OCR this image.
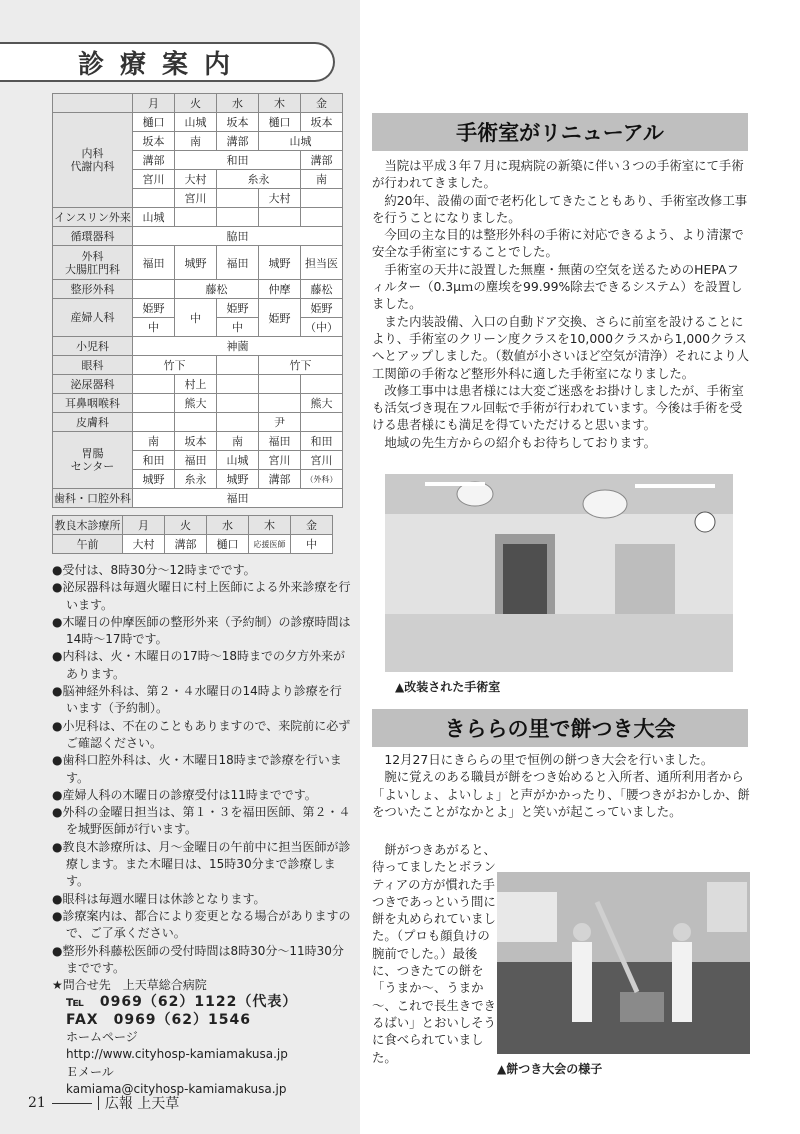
診療案内
	月	火	水	木	金

内科
代謝内科	樋口	山城	坂本	樋口	坂本
	坂本	南	溝部	山城	
	溝部	和田			溝部
	宮川	大村	糸永		南
		宮川		大村	
インスリン外来	山城				
循環器科	脇田				

外科
大腸肛門科	福田	城野	福田	城野	担当医
整形外科		藤松		仲摩	藤松
産婦人科	姫野	中	姫野	姫野	姫野
	中		中		（中）
小児科	神薗				
眼科	竹下			竹下	
泌尿器科		村上			
耳鼻咽喉科		熊大			熊大
皮膚科				尹	

胃腸
センター	南	坂本	南	福田	和田
	和田	福田	山城	宮川	宮川
	城野	糸永	城野	溝部	（外科）
歯科・口腔外科	福田				
教良木診療所	月	火	水	木	金
午前	大村	溝部	樋口	応援医師	中
●受付は、8時30分～12時までです。
●泌尿器科は毎週火曜日に村上医師による外来診療を行います。
●木曜日の仲摩医師の整形外来（予約制）の診療時間は14時～17時です。
●内科は、火・木曜日の17時～18時までの夕方外来があります。
●脳神経外科は、第２・４水曜日の14時より診療を行います（予約制）。
●小児科は、不在のこともありますので、来院前に必ずご確認ください。
●歯科口腔外科は、火・木曜日18時まで診療を行います。
●産婦人科の木曜日の診療受付は11時までです。
●外科の金曜日担当は、第１・３を福田医師、第２・４を城野医師が行います。
●教良木診療所は、月～金曜日の午前中に担当医師が診療します。また木曜日は、15時30分まで診療します。
●眼科は毎週水曜日は休診となります。
●診療案内は、都合により変更となる場合がありますので、ご了承ください。
●整形外科藤松医師の受付時間は8時30分～11時30分までです。
★問合せ先　上天草総合病院
℡　0969（62）1122（代表）
FAX　0969（62）1546
ホームページ
http://www.cityhosp-kamiamakusa.jp
Ｅメール
kamiama@cityhosp-kamiamakusa.jp
21	広報 上天草
手術室がリニューアル

当院は平成３年７月に現病院の新築に伴い３つの手術室にて手術が行われてきました。

約20年、設備の面で老朽化してきたこともあり、手術室改修工事を行うことになりました。

今回の主な目的は整形外科の手術に対応できるよう、より清潔で安全な手術室にすることでした。

手術室の天井に設置した無塵・無菌の空気を送るためのHEPAフィルター（0.3μｍの塵埃を99.99%除去できるシステム）を設置しました。

また内装設備、入口の自動ドア交換、さらに前室を設けることにより、手術室のクリーン度クラスを10,000クラスから1,000クラスへとアップしました。（数値が小さいほど空気が清浄）それにより人工関節の手術など整形外科に適した手術室になりました。

改修工事中は患者様には大変ご迷惑をお掛けしましたが、手術室も活気づき現在フル回転で手術が行われています。今後は手術を受ける患者様にも満足を得ていただけると思います。

地域の先生方からの紹介もお待ちしております。

▲改装された手術室
きららの里で餅つき大会

12月27日にきららの里で恒例の餅つき大会を行いました。

腕に覚えのある職員が餅をつき始めると入所者、通所利用者から「よいしょ、よいしょ」と声がかかったり、「腰つきがおかしか、餅をついたことがなかとよ」と笑いが起こっていました。

餅がつきあがると、待ってましたとボランティアの方が慣れた手つきであっという間に餅を丸められていました。（プロも顔負けの腕前でした。）最後に、つきたての餅を「うまか～、うまか～、これで長生きできるばい」とおいしそうに食べられていました。

▲餅つき大会の様子
